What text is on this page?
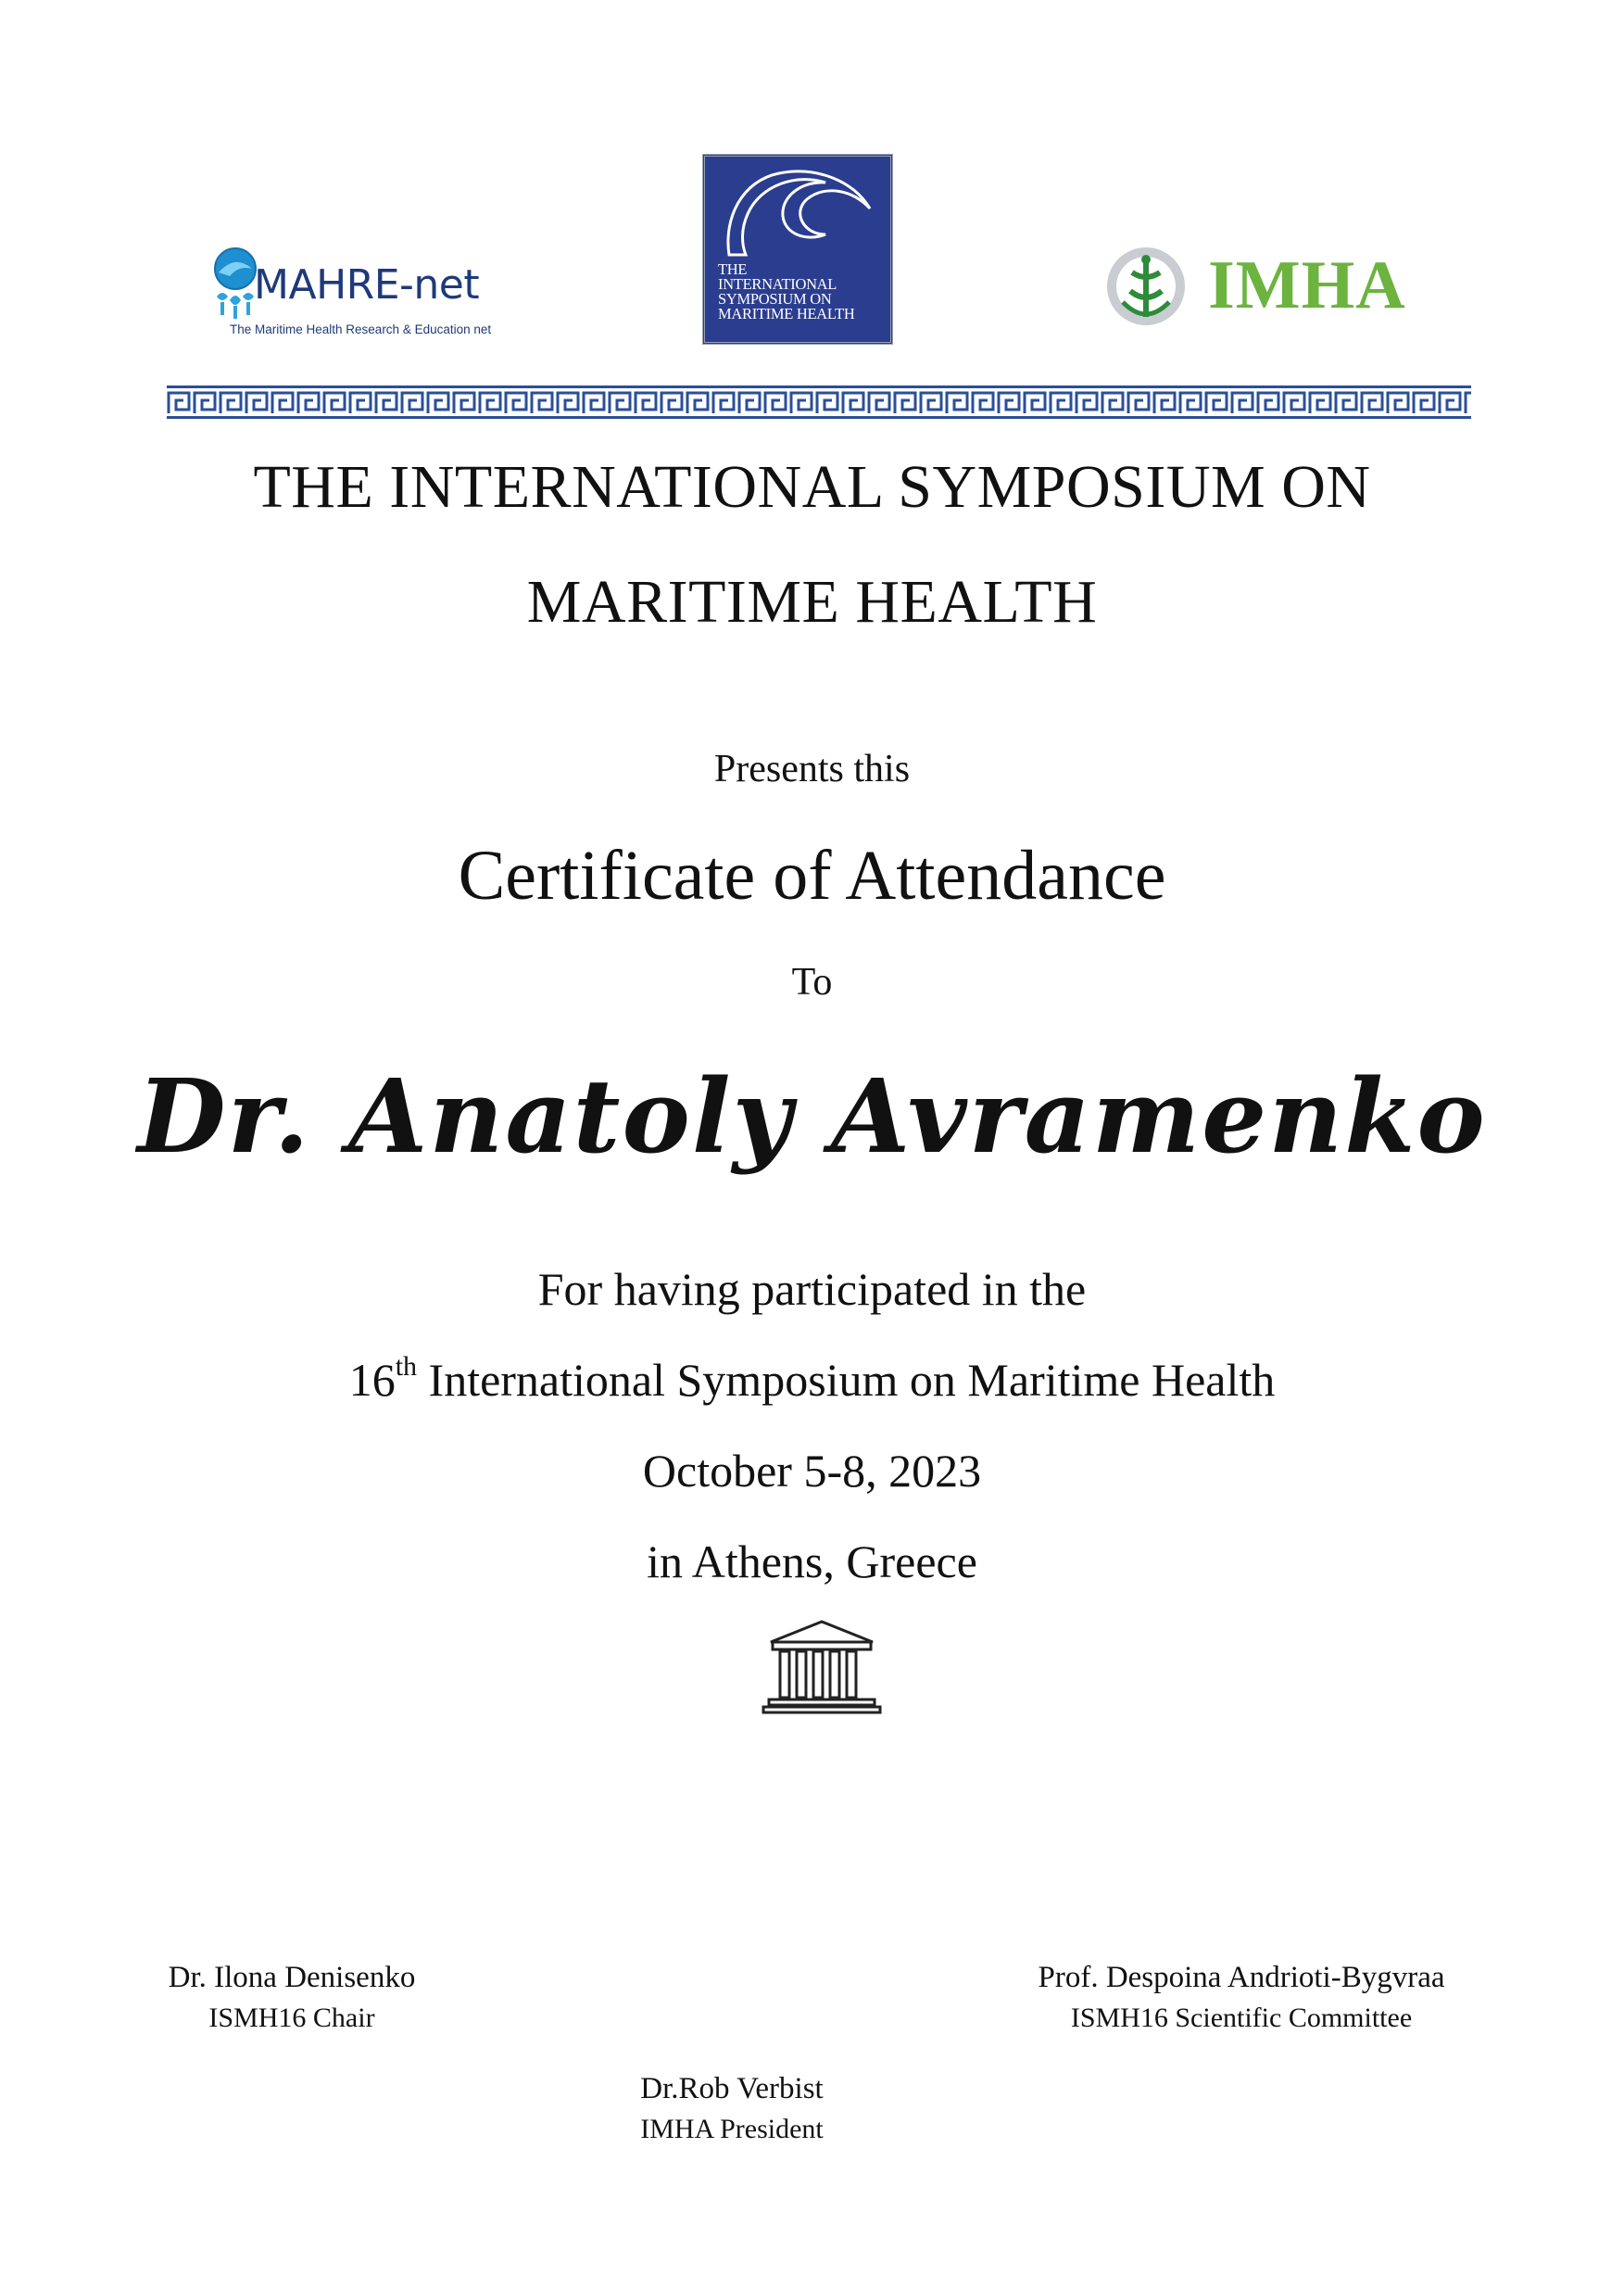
MAHRE-net
The Maritime Health Research & Education net
THE
INTERNATIONAL
SYMPOSIUM ON
MARITIME HEALTH	IMHA
THE INTERNATIONAL SYMPOSIUM ON
MARITIME HEALTH
Presents this
Certificate of Attendance
To
Dr. Anatoly Avramenko
For having participated in the
16th International Symposium on Maritime Health
October 5-8, 2023
in Athens, Greece
Dr. Ilona Denisenko
ISMH16 Chair
Prof. Despoina Andrioti-Bygvraa
ISMH16 Scientific Committee
Dr.Rob Verbist
IMHA President
